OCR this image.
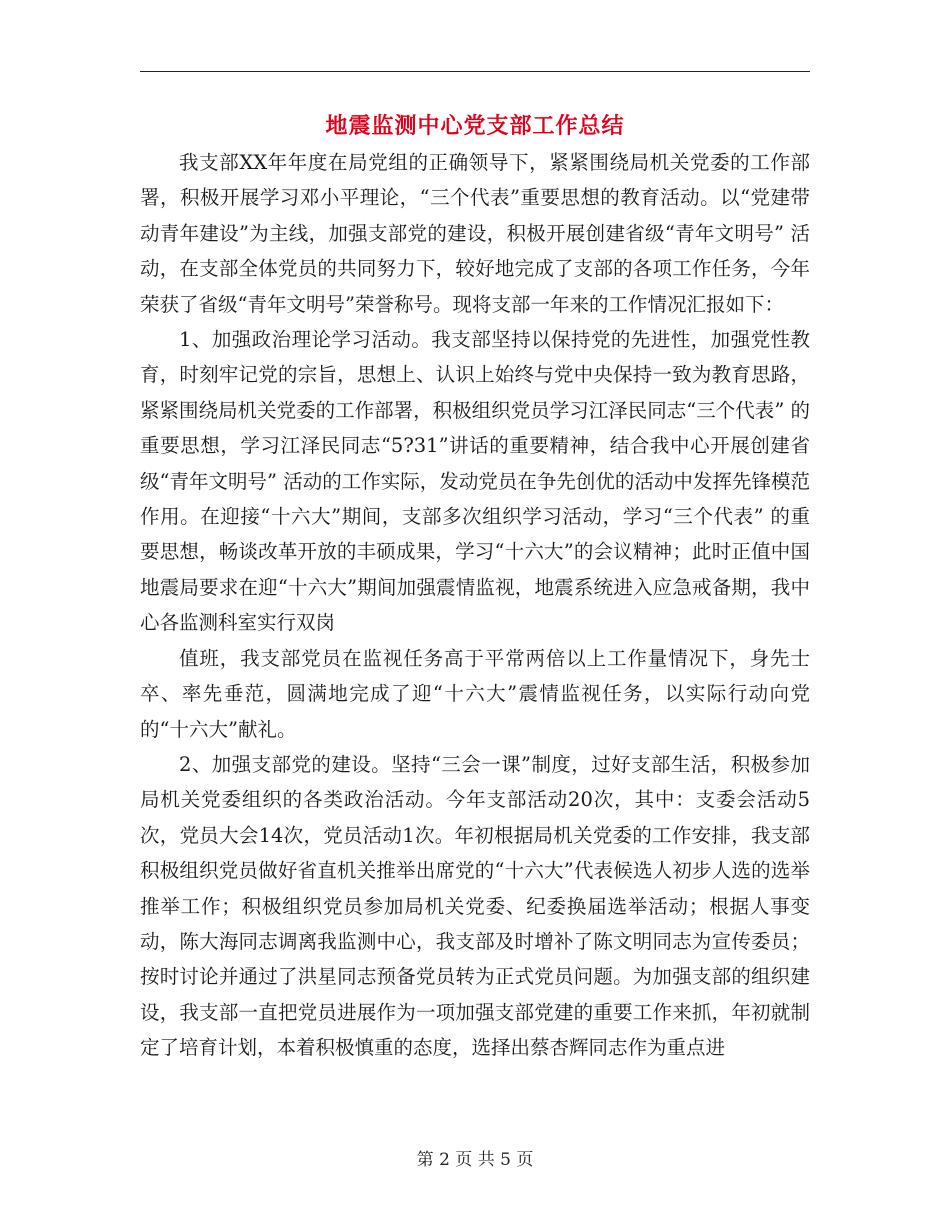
地震监测中心党支部工作总结

我支部XX年年度在局党组的正确领导下，紧紧围绕局机关党委的工作部署，积极开展学习邓小平理论，“三个代表”重要思想的教育活动。以“党建带动青年建设”为主线，加强支部党的建设，积极开展创建省级“青年文明号” 活动，在支部全体党员的共同努力下，较好地完成了支部的各项工作任务，今年荣获了省级“青年文明号”荣誉称号。现将支部一年来的工作情况汇报如下：

1、加强政治理论学习活动。我支部坚持以保持党的先进性，加强党性教育，时刻牢记党的宗旨，思想上、认识上始终与党中央保持一致为教育思路，紧紧围绕局机关党委的工作部署，积极组织党员学习江泽民同志“三个代表” 的重要思想，学习江泽民同志“5?31”讲话的重要精神，结合我中心开展创建省级“青年文明号” 活动的工作实际，发动党员在争先创优的活动中发挥先锋模范作用。在迎接“十六大”期间，支部多次组织学习活动，学习“三个代表” 的重要思想，畅谈改革开放的丰硕成果，学习“十六大”的会议精神；此时正值中国地震局要求在迎“十六大”期间加强震情监视，地震系统进入应急戒备期，我中心各监测科室实行双岗

值班，我支部党员在监视任务高于平常两倍以上工作量情况下，身先士卒、率先垂范，圆满地完成了迎“十六大”震情监视任务，以实际行动向党的“十六大”献礼。

2、加强支部党的建设。坚持“三会一课”制度，过好支部生活，积极参加局机关党委组织的各类政治活动。今年支部活动20次，其中：支委会活动5次，党员大会14次，党员活动1次。年初根据局机关党委的工作安排，我支部积极组织党员做好省直机关推举出席党的“十六大”代表候选人初步人选的选举推举工作；积极组织党员参加局机关党委、纪委换届选举活动；根据人事变动，陈大海同志调离我监测中心，我支部及时增补了陈文明同志为宣传委员；按时讨论并通过了洪星同志预备党员转为正式党员问题。为加强支部的组织建设，我支部一直把党员进展作为一项加强支部党建的重要工作来抓，年初就制定了培育计划，本着积极慎重的态度，选择出蔡杏辉同志作为重点进

第 2 页 共 5 页
